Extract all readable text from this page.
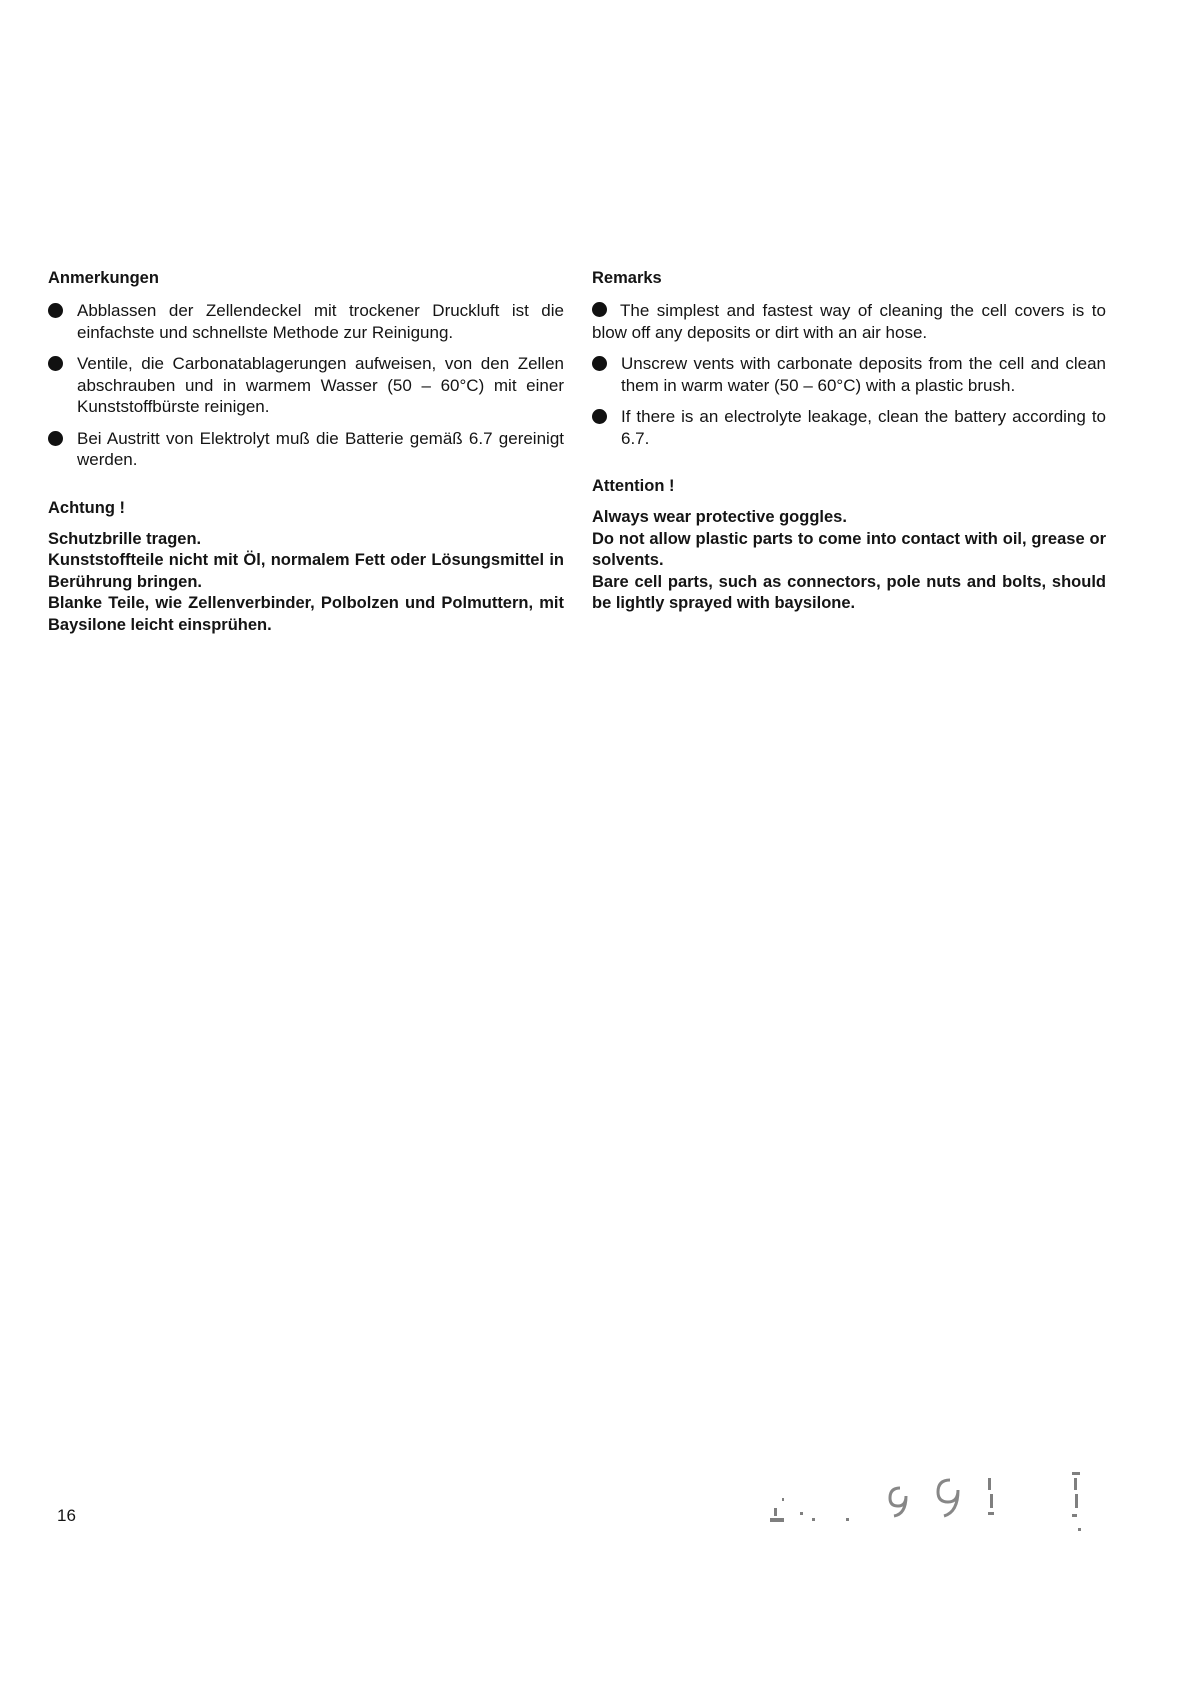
Anmerkungen
Abblassen der Zellendeckel mit trockener Druckluft ist die einfachste und schnellste Methode zur Reinigung.
Ventile, die Carbonatablagerungen aufweisen, von den Zellen abschrauben und in warmem Wasser (50 – 60°C) mit einer Kunststoffbürste reinigen.
Bei Austritt von Elektrolyt muß die Batterie gemäß 6.7 gereinigt werden.
Achtung !

Schutzbrille tragen.

Kunststoffteile nicht mit Öl, normalem Fett oder Lösungsmittel in Berührung bringen.

Blanke Teile, wie Zellenverbinder, Polbolzen und Polmuttern, mit Baysilone leicht einsprühen.

Remarks
The simplest and fastest way of cleaning the cell covers is to blow off any deposits or dirt with an air hose.
Unscrew vents with carbonate deposits from the cell and clean them in warm water (50 – 60°C) with a plastic brush.
If there is an electrolyte leakage, clean the battery according to 6.7.
Attention !

Always wear protective goggles.

Do not allow plastic parts to come into contact with oil, grease or solvents.

Bare cell parts, such as connectors, pole nuts and bolts, should be lightly sprayed with baysilone.

16
